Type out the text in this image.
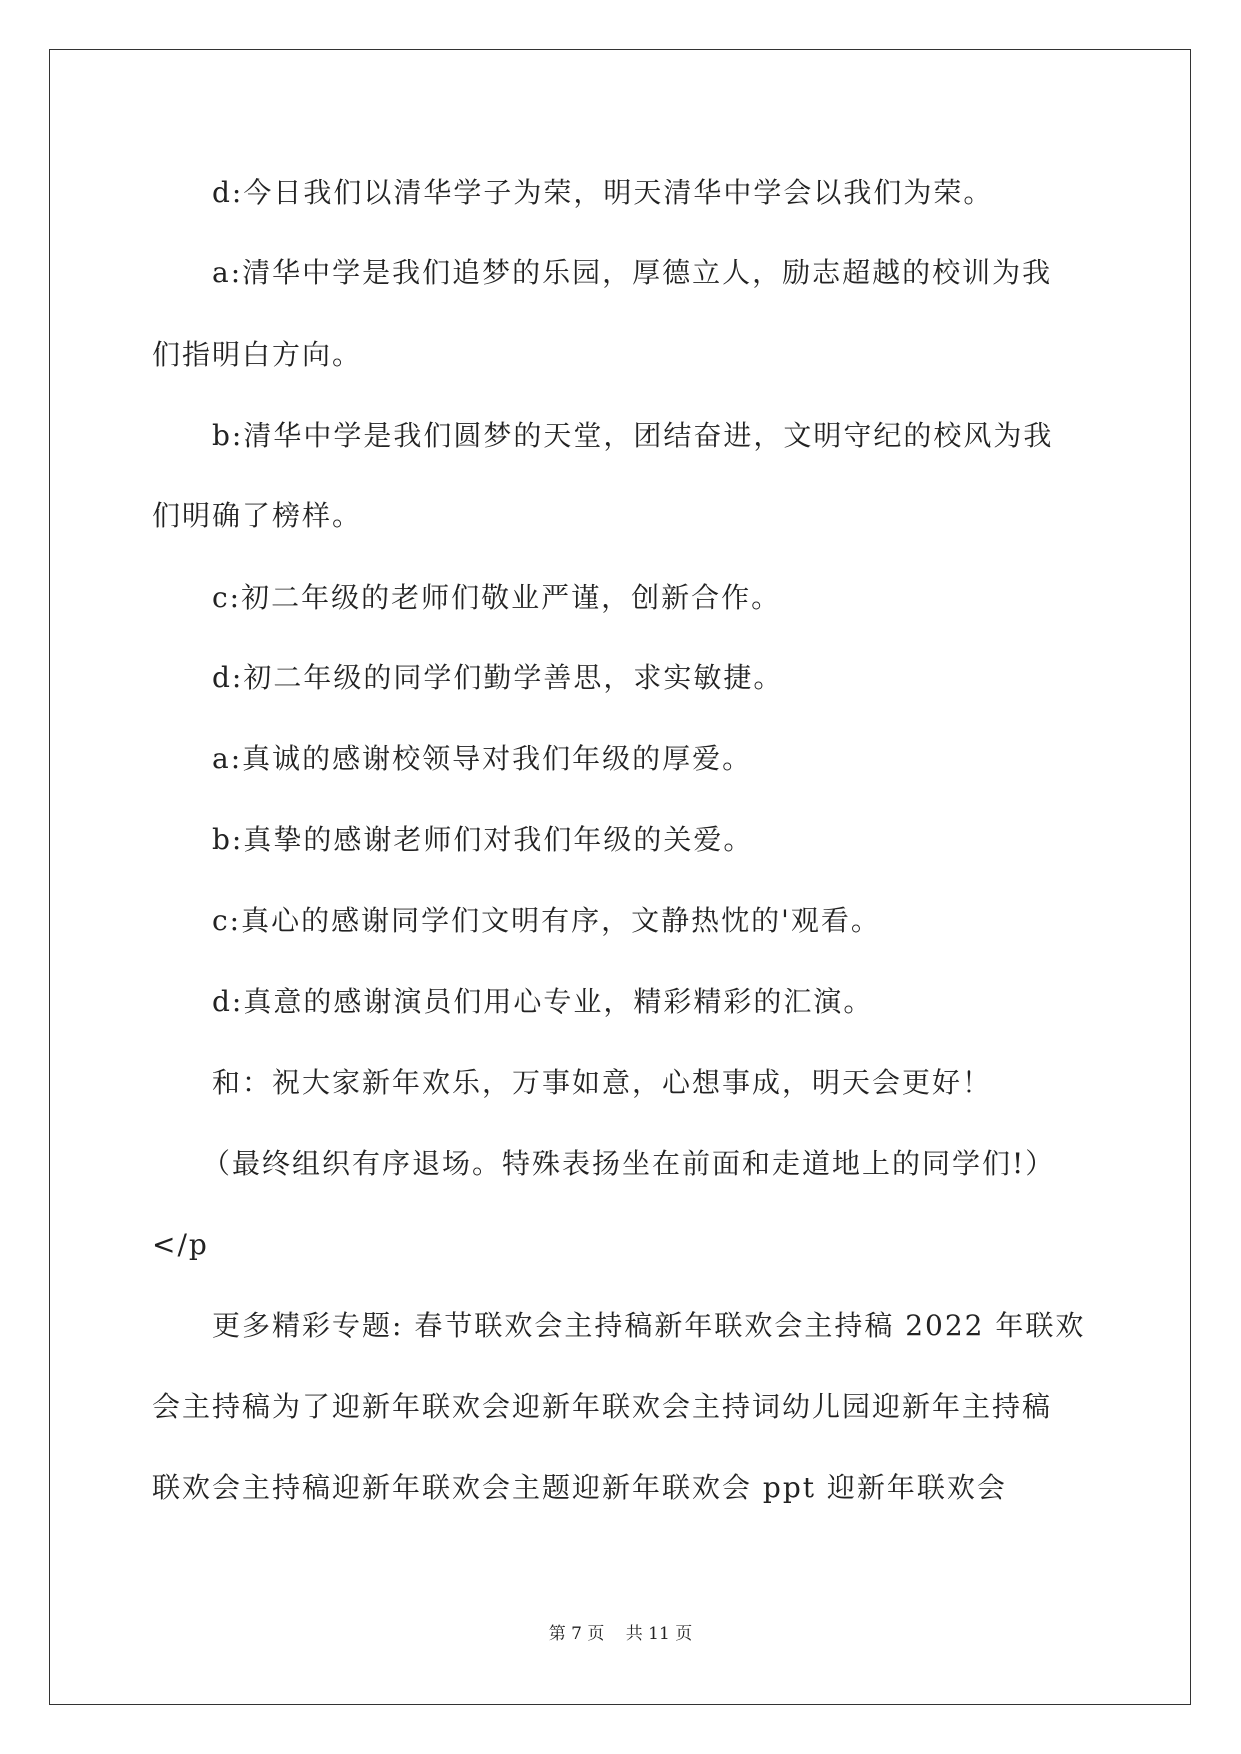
d:今日我们以清华学子为荣，明天清华中学会以我们为荣。
a:清华中学是我们追梦的乐园，厚德立人，励志超越的校训为我
们指明白方向。
b:清华中学是我们圆梦的天堂，团结奋进，文明守纪的校风为我
们明确了榜样。
c:初二年级的老师们敬业严谨，创新合作。
d:初二年级的同学们勤学善思，求实敏捷。
a:真诚的感谢校领导对我们年级的厚爱。
b:真挚的感谢老师们对我们年级的关爱。
c:真心的感谢同学们文明有序，文静热忱的'观看。
d:真意的感谢演员们用心专业，精彩精彩的汇演。
和：祝大家新年欢乐，万事如意，心想事成，明天会更好！
（最终组织有序退场。特殊表扬坐在前面和走道地上的同学们!）
</p
更多精彩专题: 春节联欢会主持稿新年联欢会主持稿 2022 年联欢
会主持稿为了迎新年联欢会迎新年联欢会主持词幼儿园迎新年主持稿
联欢会主持稿迎新年联欢会主题迎新年联欢会 ppt 迎新年联欢会
第 7 页 共 11 页
